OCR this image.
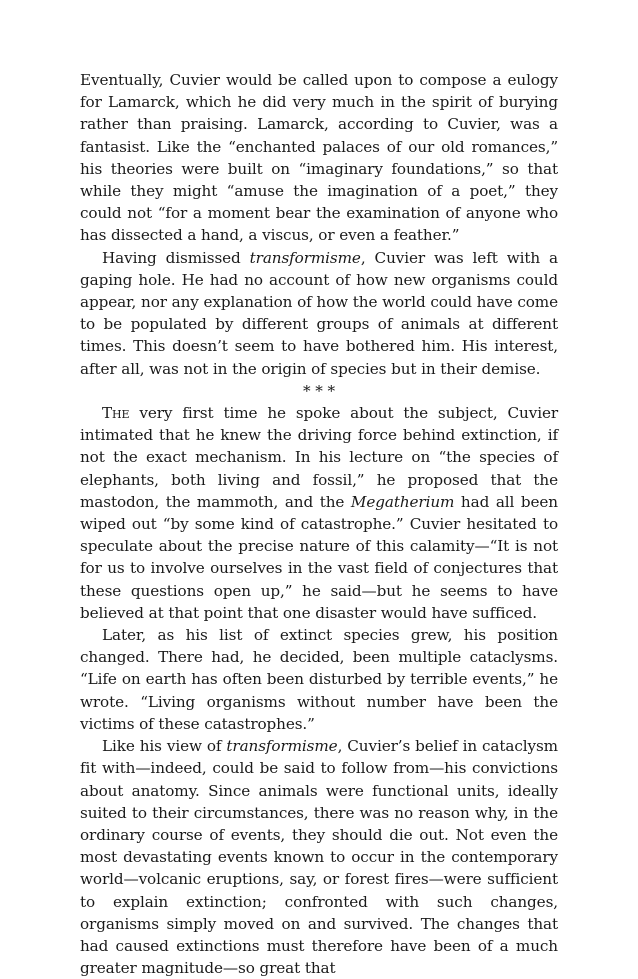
Eventually, Cuvier would be called upon to compose a eulogy for Lamarck, which he did very much in the spirit of burying rather than praising. Lamarck, according to Cuvier, was a fantasist. Like the “enchanted palaces of our old romances,” his theories were built on “imaginary foundations,” so that while they might “amuse the imagination of a poet,” they could not “for a moment bear the examination of anyone who has dissected a hand, a viscus, or even a feather.”

Having dismissed transformisme, Cuvier was left with a gaping hole. He had no account of how new organisms could appear, nor any explanation of how the world could have come to be populated by different groups of animals at different times. This doesn’t seem to have bothered him. His interest, after all, was not in the origin of species but in their demise.

* * *

The very first time he spoke about the subject, Cuvier intimated that he knew the driving force behind extinction, if not the exact mechanism. In his lecture on “the species of elephants, both living and fossil,” he proposed that the mastodon, the mammoth, and the Megatherium had all been wiped out “by some kind of catastrophe.” Cuvier hesitated to speculate about the precise nature of this calamity—“It is not for us to involve ourselves in the vast field of conjectures that these questions open up,” he said—but he seems to have believed at that point that one disaster would have sufficed.

Later, as his list of extinct species grew, his position changed. There had, he decided, been multiple cataclysms. “Life on earth has often been disturbed by terrible events,” he wrote. “Living organisms without number have been the victims of these catastrophes.”

Like his view of transformisme, Cuvier’s belief in cataclysm fit with—indeed, could be said to follow from—his convictions about anatomy. Since animals were functional units, ideally suited to their circumstances, there was no reason why, in the ordinary course of events, they should die out. Not even the most devastating events known to occur in the contemporary world—volcanic eruptions, say, or forest fires—were sufficient to explain extinction; confronted with such changes, organisms simply moved on and survived. The changes that had caused extinctions must therefore have been of a much greater magnitude—so great that
